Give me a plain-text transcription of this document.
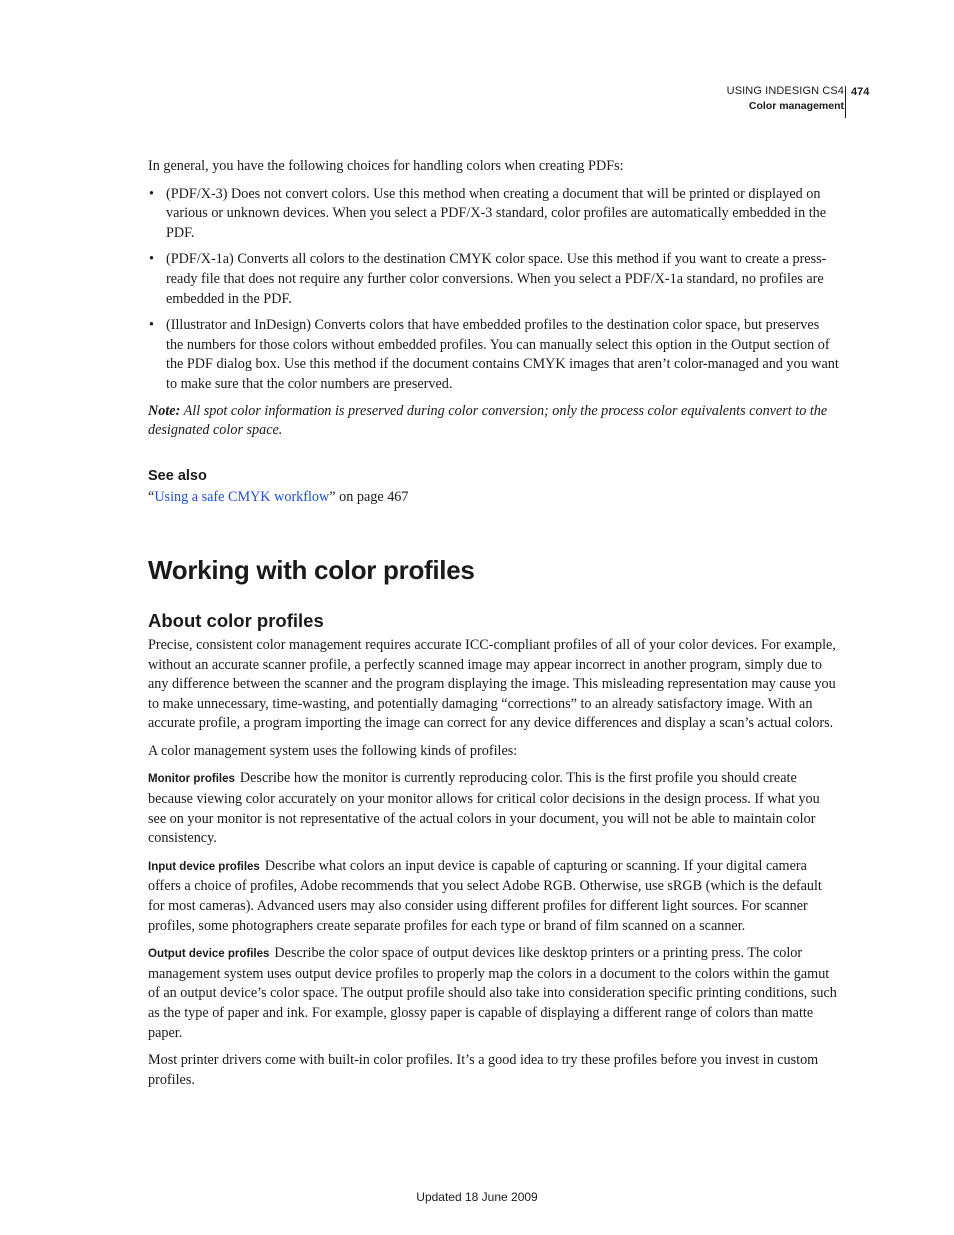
USING INDESIGN CS4
Color management
474

In general, you have the following choices for handling colors when creating PDFs:

• (PDF/X-3) Does not convert colors. Use this method when creating a document that will be printed or displayed on various or unknown devices. When you select a PDF/X-3 standard, color profiles are automatically embedded in the PDF.
• (PDF/X-1a) Converts all colors to the destination CMYK color space. Use this method if you want to create a press-ready file that does not require any further color conversions. When you select a PDF/X-1a standard, no profiles are embedded in the PDF.
• (Illustrator and InDesign) Converts colors that have embedded profiles to the destination color space, but preserves the numbers for those colors without embedded profiles. You can manually select this option in the Output section of the PDF dialog box. Use this method if the document contains CMYK images that aren’t color-managed and you want to make sure that the color numbers are preserved.

Note: All spot color information is preserved during color conversion; only the process color equivalents convert to the designated color space.

See also

“Using a safe CMYK workflow” on page 467

Working with color profiles
About color profiles

Precise, consistent color management requires accurate ICC-compliant profiles of all of your color devices. For example, without an accurate scanner profile, a perfectly scanned image may appear incorrect in another program, simply due to any difference between the scanner and the program displaying the image. This misleading representation may cause you to make unnecessary, time-wasting, and potentially damaging “corrections” to an already satisfactory image. With an accurate profile, a program importing the image can correct for any device differences and display a scan’s actual colors.

A color management system uses the following kinds of profiles:

Monitor profiles Describe how the monitor is currently reproducing color. This is the first profile you should create because viewing color accurately on your monitor allows for critical color decisions in the design process. If what you see on your monitor is not representative of the actual colors in your document, you will not be able to maintain color consistency.

Input device profiles Describe what colors an input device is capable of capturing or scanning. If your digital camera offers a choice of profiles, Adobe recommends that you select Adobe RGB. Otherwise, use sRGB (which is the default for most cameras). Advanced users may also consider using different profiles for different light sources. For scanner profiles, some photographers create separate profiles for each type or brand of film scanned on a scanner.

Output device profiles Describe the color space of output devices like desktop printers or a printing press. The color management system uses output device profiles to properly map the colors in a document to the colors within the gamut of an output device’s color space. The output profile should also take into consideration specific printing conditions, such as the type of paper and ink. For example, glossy paper is capable of displaying a different range of colors than matte paper.

Most printer drivers come with built-in color profiles. It’s a good idea to try these profiles before you invest in custom profiles.

Updated 18 June 2009
